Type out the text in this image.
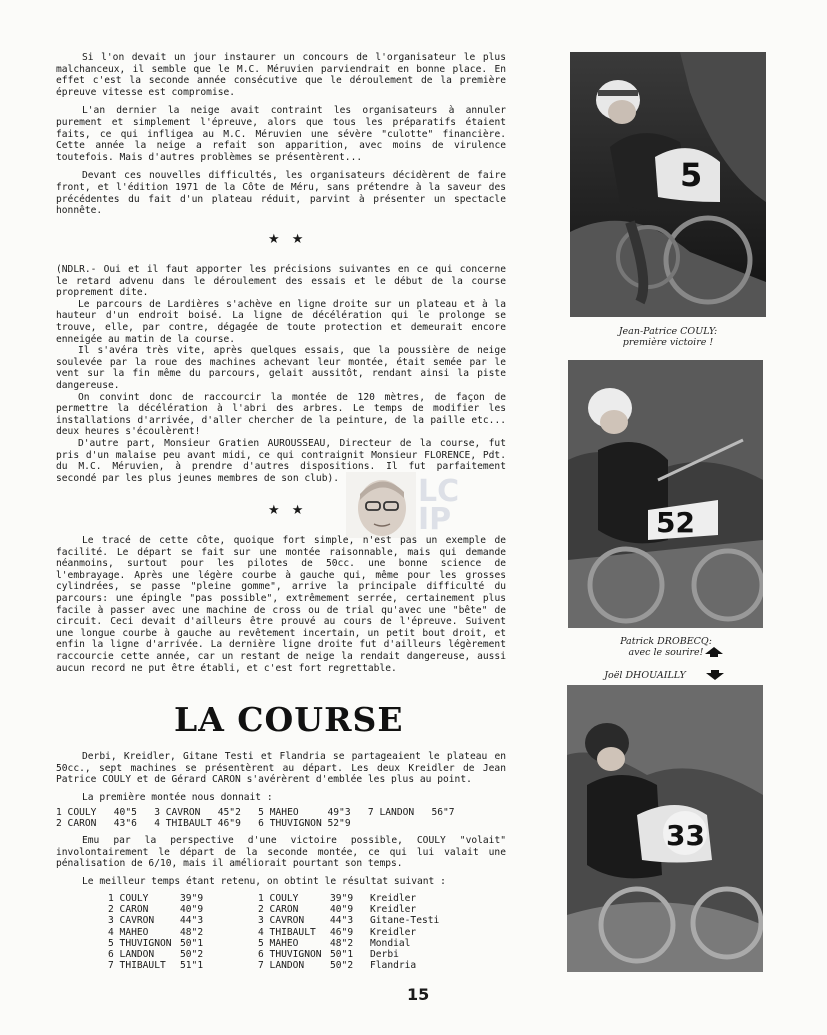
Si l'on devait un jour instaurer un concours de l'organisateur le plus malchanceux, il semble que le M.C. Méruvien parviendrait en bonne place. En effet c'est la seconde année consécutive que le déroulement de la première épreuve vitesse est compromise.

L'an dernier la neige avait contraint les organisateurs à annuler purement et simplement l'épreuve, alors que tous les préparatifs étaient faits, ce qui infligea au M.C. Méruvien une sévère "culotte" financière. Cette année la neige a refait son apparition, avec moins de virulence toutefois. Mais d'autres problèmes se présentèrent...

Devant ces nouvelles difficultés, les organisateurs décidèrent de faire front, et l'édition 1971 de la Côte de Méru, sans prétendre à la saveur des précédentes du fait d'un plateau réduit, parvint à présenter un spectacle honnête.

★ ★

(NDLR.- Oui et il faut apporter les précisions suivantes en ce qui concerne le retard advenu dans le déroulement des essais et le début de la course proprement dite.

Le parcours de Lardières s'achève en ligne droite sur un plateau et à la hauteur d'un endroit boisé. La ligne de décélération qui le prolonge se trouve, elle, par contre, dégagée de toute protection et demeurait encore enneigée au matin de la course.

Il s'avéra très vite, après quelques essais, que la poussière de neige soulevée par la roue des machines achevant leur montée, était semée par le vent sur la fin même du parcours, gelait aussitôt, rendant ainsi la piste dangereuse.

On convint donc de raccourcir la montée de 120 mètres, de façon de permettre la décélération à l'abri des arbres. Le temps de modifier les installations d'arrivée, d'aller chercher de la peinture, de la paille etc... deux heures s'écoulèrent!

D'autre part, Monsieur Gratien AUROUSSEAU, Directeur de la course, fut pris d'un malaise peu avant midi, ce qui contraignit Monsieur FLORENCE, Pdt. du M.C. Méruvien, à prendre d'autres dispositions. Il fut parfaitement secondé par les plus jeunes membres de son club).

★ ★
LC
IP

Le tracé de cette côte, quoique fort simple, n'est pas un exemple de facilité. Le départ se fait sur une montée raisonnable, mais qui demande néanmoins, surtout pour les pilotes de 50cc. une bonne science de l'embrayage. Après une légère courbe à gauche qui, même pour les grosses cylindrées, se passe "pleine gomme", arrive la principale difficulté du parcours: une épingle "pas possible", extrêmement serrée, certainement plus facile à passer avec une machine de cross ou de trial qu'avec une "bête" de circuit. Ceci devait d'ailleurs être prouvé au cours de l'épreuve. Suivent une longue courbe à gauche au revêtement incertain, un petit bout droit, et enfin la ligne d'arrivée. La dernière ligne droite fut d'ailleurs légèrement raccourcie cette année, car un restant de neige la rendait dangereuse, aussi aucun record ne put être établi, et c'est fort regrettable.

LA COURSE

Derbi, Kreidler, Gitane Testi et Flandria se partageaient le plateau en 50cc., sept machines se présentèrent au départ. Les deux Kreidler de Jean Patrice COULY et de Gérard CARON s'avérèrent d'emblée les plus au point.

La première montée nous donnait :

1 COULY	40"5	3 CAVRON	45"2	5 MAHEO	49"3	7 LANDON	56"7
2 CARON	43"6	4 THIBAULT	46"9	6 THUVIGNON	52"9		

Emu par la perspective d'une victoire possible, COULY "volait" involontairement le départ de la seconde montée, ce qui lui valait une pénalisation de 6/10, mais il améliorait pourtant son temps.

Le meilleur temps étant retenu, on obtint le résultat suivant :

1 COULY	39"9
2 CARON	40"9
3 CAVRON	44"3
4 MAHEO	48"2
5 THUVIGNON	50"1
6 LANDON	50"2
7 THIBAULT	51"1
1 COULY	39"9	Kreidler
2 CARON	40"9	Kreidler
3 CAVRON	44"3	Gitane-Testi
4 THIBAULT	46"9	Kreidler
5 MAHEO	48"2	Mondial
6 THUVIGNON	50"1	Derbi
7 LANDON	50"2	Flandria
5
Jean-Patrice COULY:
première victoire !
52
Patrick DROBECQ:
avec le sourire!
Joël DHOUAILLY
33
15
